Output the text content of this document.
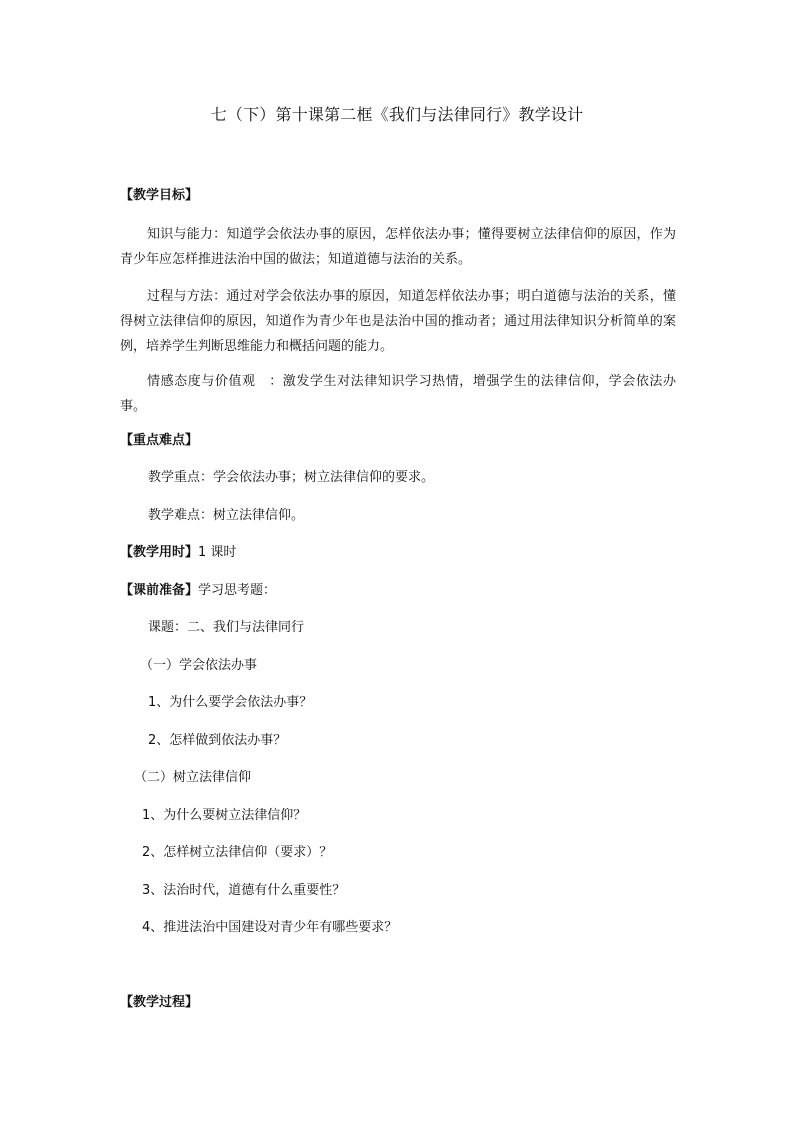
七（下）第十课第二框《我们与法律同行》教学设计
【教学目标】
知识与能力：知道学会依法办事的原因，怎样依法办事；懂得要树立法律信仰的原因，作为青少年应怎样推进法治中国的做法；知道道德与法治的关系。
过程与方法：通过对学会依法办事的原因，知道怎样依法办事；明白道德与法治的关系，懂得树立法律信仰的原因，知道作为青少年也是法治中国的推动者；通过用法律知识分析简单的案例，培养学生判断思维能力和概括问题的能力。
情感态度与价值观　：激发学生对法律知识学习热情，增强学生的法律信仰，学会依法办事。
【重点难点】
教学重点：学会依法办事；树立法律信仰的要求。
教学难点：树立法律信仰。
【教学用时】1 课时
【课前准备】学习思考题：
课题：二、我们与法律同行
（一）学会依法办事
1、为什么要学会依法办事？
2、怎样做到依法办事？
（二）树立法律信仰
1、为什么要树立法律信仰？
2、怎样树立法律信仰（要求）？
3、法治时代，道德有什么重要性？
4、推进法治中国建设对青少年有哪些要求？
【教学过程】
